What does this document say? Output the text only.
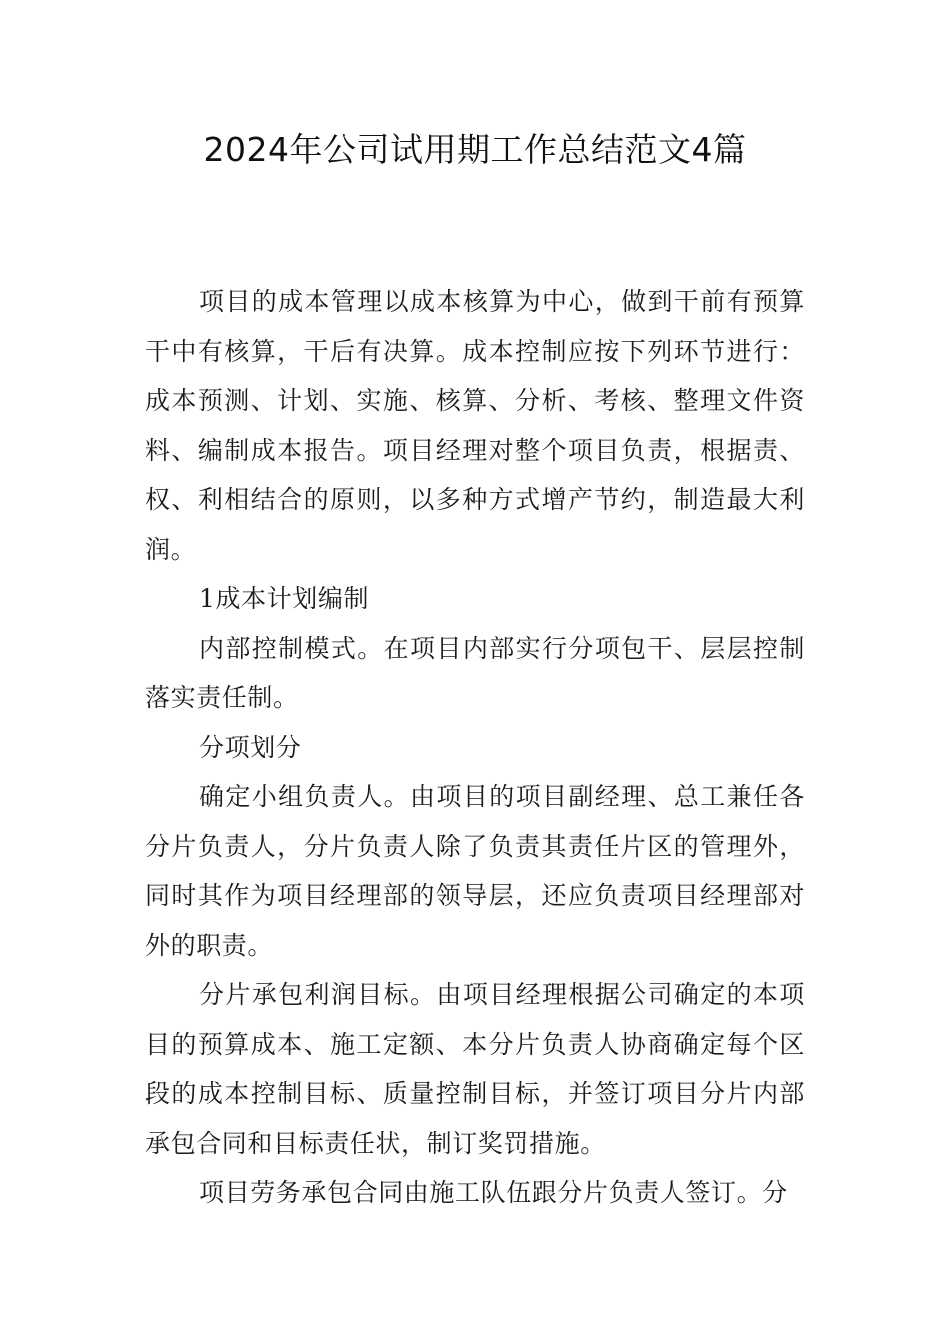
2024年公司试用期工作总结范文4篇

项目的成本管理以成本核算为中心，做到干前有预算干中有核算，干后有决算。成本控制应按下列环节进行：成本预测、计划、实施、核算、分析、考核、整理文件资料、编制成本报告。项目经理对整个项目负责，根据责、权、利相结合的原则，以多种方式增产节约，制造最大利润。

1成本计划编制

内部控制模式。在项目内部实行分项包干、层层控制落实责任制。

分项划分

确定小组负责人。由项目的项目副经理、总工兼任各分片负责人，分片负责人除了负责其责任片区的管理外，同时其作为项目经理部的领导层，还应负责项目经理部对外的职责。

分片承包利润目标。由项目经理根据公司确定的本项目的预算成本、施工定额、本分片负责人协商确定每个区段的成本控制目标、质量控制目标，并签订项目分片内部承包合同和目标责任状，制订奖罚措施。

项目劳务承包合同由施工队伍跟分片负责人签订。分
